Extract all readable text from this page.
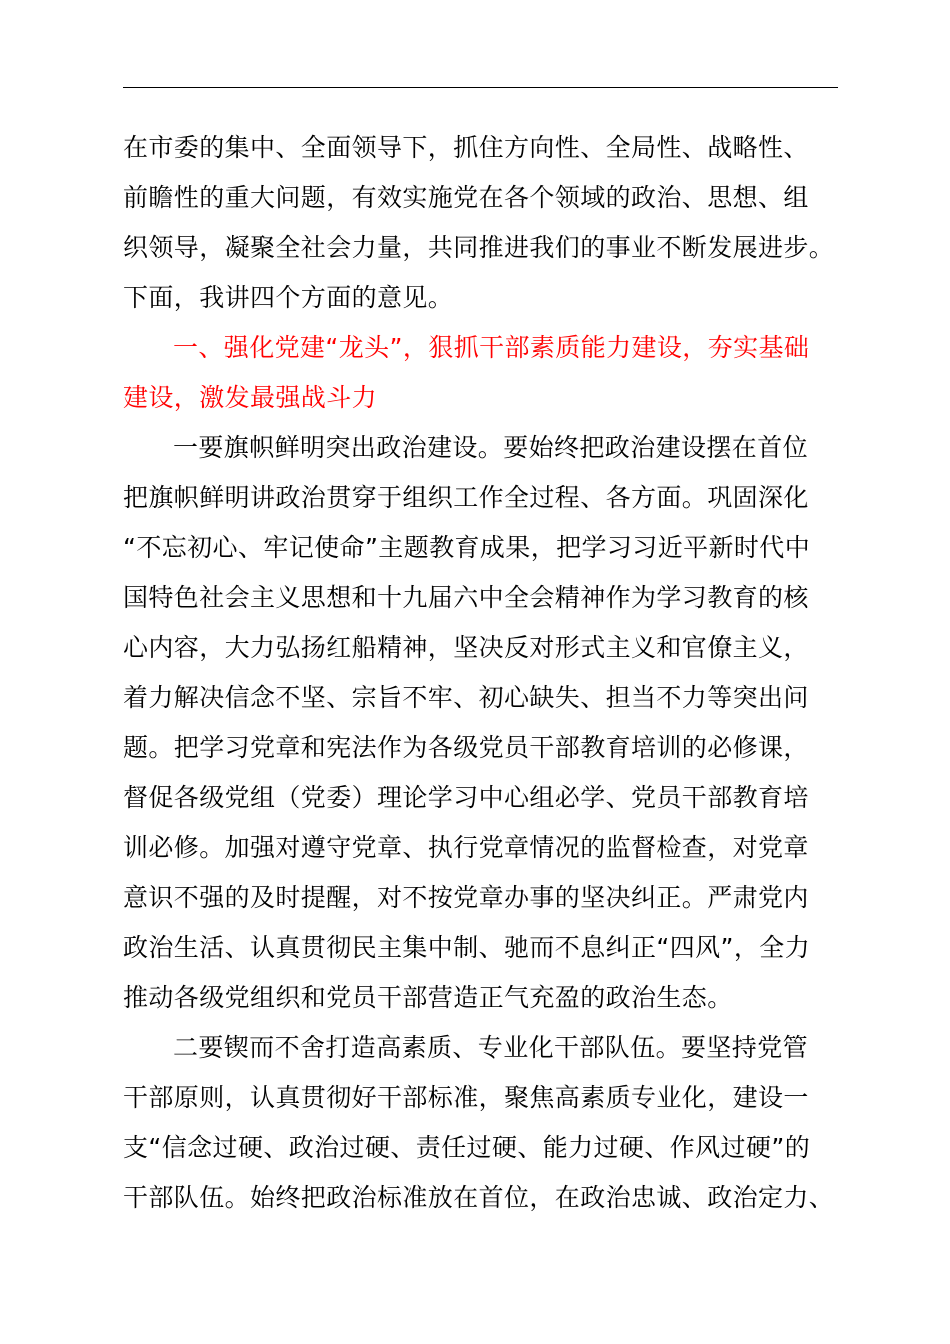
在市委的集中、全面领导下，抓住方向性、全局性、战略性、
前瞻性的重大问题，有效实施党在各个领域的政治、思想、组
织领导，凝聚全社会力量，共同推进我们的事业不断发展进步。
下面，我讲四个方面的意见。
一、强化党建“龙头”，狠抓干部素质能力建设，夯实基础
建设，激发最强战斗力
一要旗帜鲜明突出政治建设。要始终把政治建设摆在首位
把旗帜鲜明讲政治贯穿于组织工作全过程、各方面。巩固深化
“不忘初心、牢记使命”主题教育成果，把学习习近平新时代中
国特色社会主义思想和十九届六中全会精神作为学习教育的核
心内容，大力弘扬红船精神，坚决反对形式主义和官僚主义，
着力解决信念不坚、宗旨不牢、初心缺失、担当不力等突出问
题。把学习党章和宪法作为各级党员干部教育培训的必修课，
督促各级党组（党委）理论学习中心组必学、党员干部教育培
训必修。加强对遵守党章、执行党章情况的监督检查，对党章
意识不强的及时提醒，对不按党章办事的坚决纠正。严肃党内
政治生活、认真贯彻民主集中制、驰而不息纠正“四风”，全力
推动各级党组织和党员干部营造正气充盈的政治生态。
二要锲而不舍打造高素质、专业化干部队伍。要坚持党管
干部原则，认真贯彻好干部标准，聚焦高素质专业化，建设一
支“信念过硬、政治过硬、责任过硬、能力过硬、作风过硬”的
干部队伍。始终把政治标准放在首位，在政治忠诚、政治定力、
